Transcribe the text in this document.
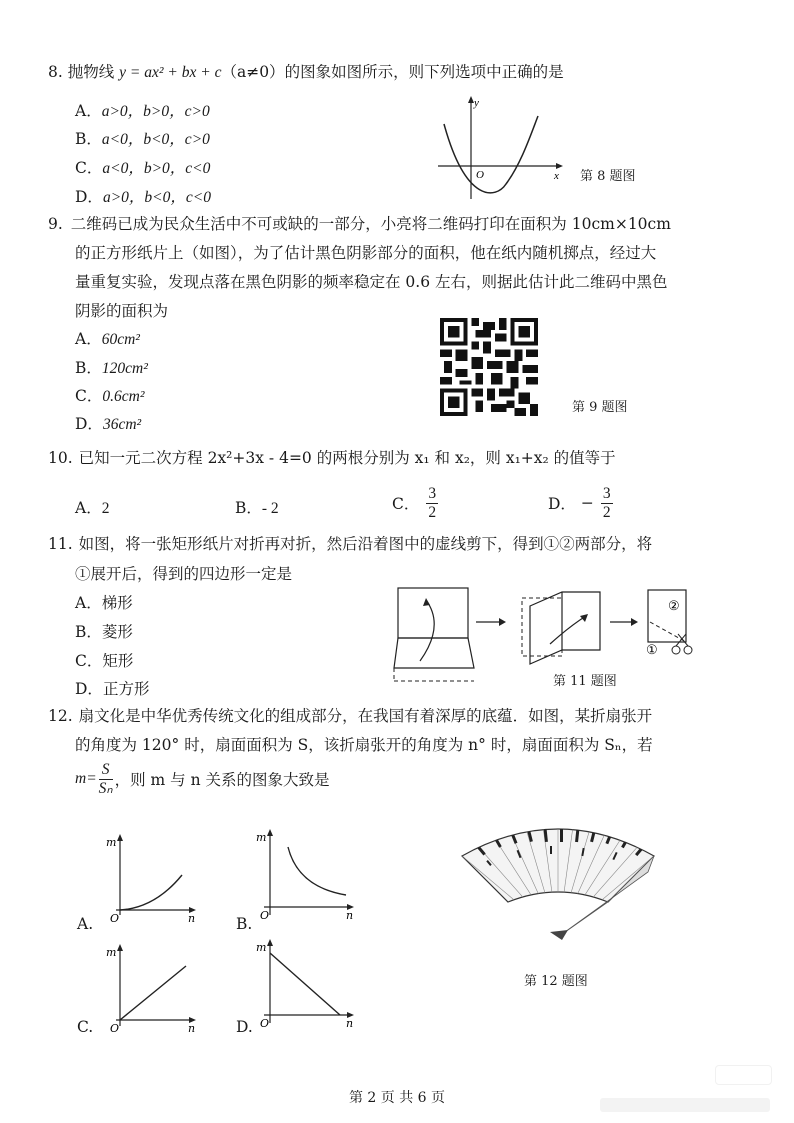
8. 抛物线 y = ax² + bx + c（a≠0）的图象如图所示，则下列选项中正确的是
A．a>0，b>0，c>0
B．a<0，b<0，c>0
C．a<0，b>0，c<0
D．a>0，b<0，c<0
y
x
O	第 8 题图
9. 二维码已成为民众生活中不可或缺的一部分，小亮将二维码打印在面积为 10cm×10cm
的正方形纸片上（如图），为了估计黑色阴影部分的面积，他在纸内随机掷点，经过大
量重复实验，发现点落在黑色阴影的频率稳定在 0.6 左右，则据此估计此二维码中黑色
阴影的面积为
A．60cm²
B．120cm²
C．0.6cm²
D．36cm²
第 9 题图
10. 已知一元二次方程 2x²+3x - 4=0 的两根分别为 x₁ 和 x₂，则 x₁+x₂ 的值等于
A．2	B．- 2	C． $\frac{3}{2}$	D． − $\frac{3}{2}$
11. 如图，将一张矩形纸片对折再对折，然后沿着图中的虚线剪下，得到①②两部分，将
①展开后，得到的四边形一定是
A．梯形
B．菱形
C．矩形
D．正方形
②
①
第 11 题图
12. 扇文化是中华优秀传统文化的组成部分，在我国有着深厚的底蕴．如图，某折扇张开
的角度为 120° 时，扇面面积为 S，该折扇张开的角度为 n° 时，扇面面积为 Sₙ，若
$m= \frac{S}{\text{Sₙ}}$ ，则 m 与 n 关系的图象大致是
m
n
O
A.
m
n
O
B.
m
n
O
C.
m
n
O
D.
第 12 题图
第 2 页 共 6 页
